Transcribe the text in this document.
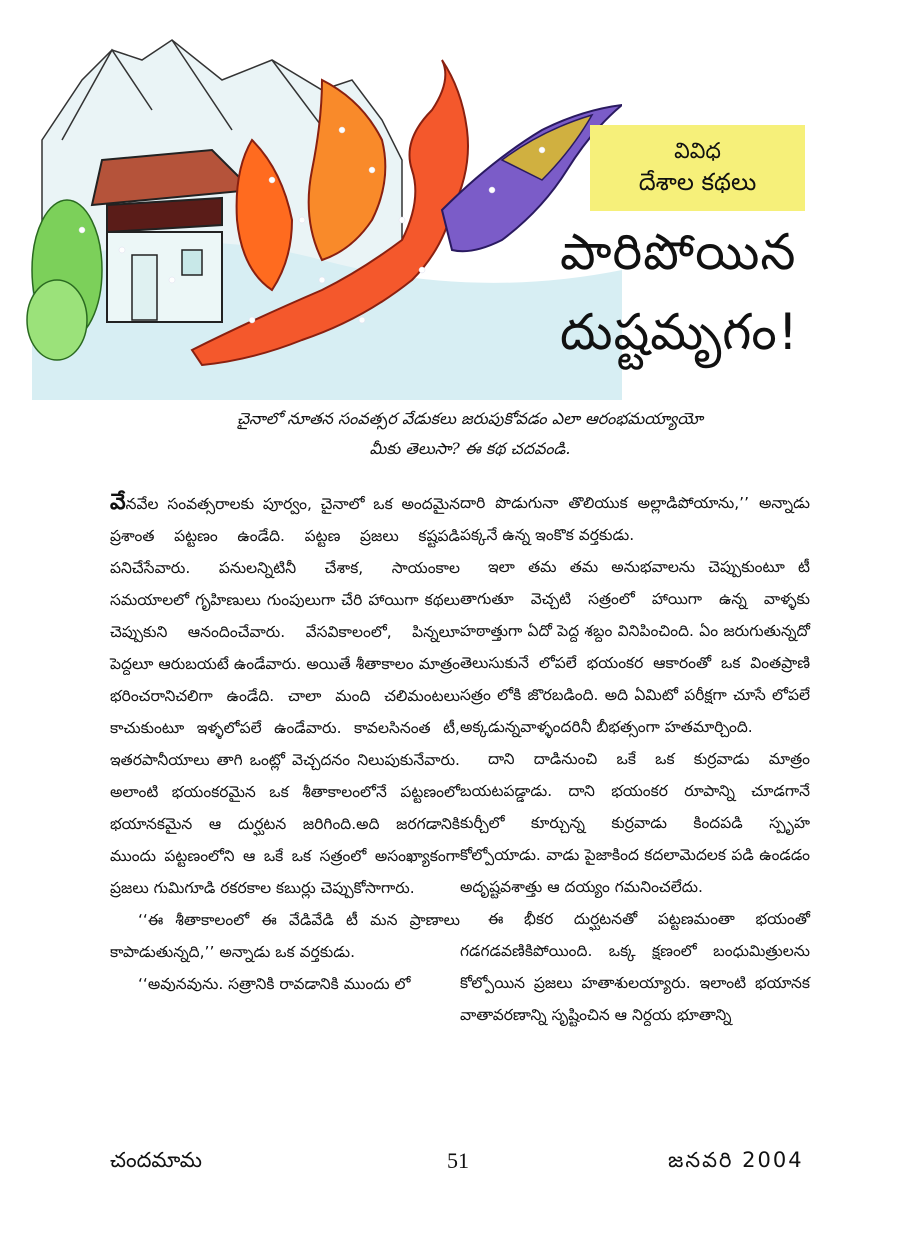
వివిధ
దేశాల కథలు
పారిపోయిన
దుష్టమృగం!
చైనాలో నూతన సంవత్సర వేడుకలు జరుపుకోవడం ఎలా ఆరంభమయ్యాయో
మీకు తెలుసా? ఈ కథ చదవండి.

వేనవేల సంవత్సరాలకు పూర్వం, చైనాలో ఒక అందమైన ప్రశాంత పట్టణం ఉండేది. పట్టణ ప్రజలు కష్టపడి పనిచేసేవారు. పనులన్నిటినీ చేశాక, సాయంకాల సమయాలలో గృహిణులు గుంపులుగా చేరి హాయిగా కథలు చెప్పుకుని ఆనందించేవారు. వేసవికాలంలో, పిన్నలూ పెద్దలూ ఆరుబయటే ఉండేవారు. అయితే శీతాకాలం మాత్రం భరించరానిచలిగా ఉండేది. చాలా మంది చలిమంటలు కాచుకుంటూ ఇళ్ళలోపలే ఉండేవారు. కావలసినంత టీ, ఇతరపానీయాలు తాగి ఒంట్లో వెచ్చదనం నిలుపుకునేవారు. అలాంటి భయంకరమైన ఒక శీతాకాలంలోనే పట్టణంలో భయానకమైన ఆ దుర్ఘటన జరిగింది.అది జరగడానికి ముందు పట్టణంలోని ఆ ఒకే ఒక సత్రంలో అసంఖ్యాకంగా ప్రజలు గుమిగూడి రకరకాల కబుర్లు చెప్పుకోసాగారు.

‘‘ఈ శీతాకాలంలో ఈ వేడివేడి టీ మన ప్రాణాలు కాపాడుతున్నది,’’ అన్నాడు ఒక వర్తకుడు.

‘‘అవునవును. సత్రానికి రావడానికి ముందు లో

దారి పొడుగునా తొలియుక అల్లాడిపోయాను,’’ అన్నాడు పక్కనే ఉన్న ఇంకొక వర్తకుడు.

ఇలా తమ తమ అనుభవాలను చెప్పుకుంటూ టీ తాగుతూ వెచ్చటి సత్రంలో హాయిగా ఉన్న వాళ్ళకు హఠాత్తుగా ఏదో పెద్ద శబ్దం వినిపించింది. ఏం జరుగుతున్నదో తెలుసుకునే లోపలే భయంకర ఆకారంతో ఒక వింతప్రాణి సత్రం లోకి జొరబడింది. అది ఏమిటో పరీక్షగా చూసే లోపలే అక్కడున్నవాళ్ళందరినీ బీభత్సంగా హతమార్చింది.

దాని దాడినుంచి ఒకే ఒక కుర్రవాడు మాత్రం బయటపడ్డాడు. దాని భయంకర రూపాన్ని చూడగానే కుర్చీలో కూర్చున్న కుర్రవాడు కిందపడి స్పృహ కోల్పోయాడు. వాడు పైజాకింద కదలామెదలక పడి ఉండడం అదృష్టవశాత్తు ఆ దయ్యం గమనించలేదు.

ఈ భీకర దుర్ఘటనతో పట్టణమంతా భయంతో గడగడవణికిపోయింది. ఒక్క క్షణంలో బంధుమిత్రులను కోల్పోయిన ప్రజలు హతాశులయ్యారు. ఇలాంటి భయానక వాతావరణాన్ని సృష్టించిన ఆ నిర్దయ భూతాన్ని

చందమామ	51	జనవరి 2004
